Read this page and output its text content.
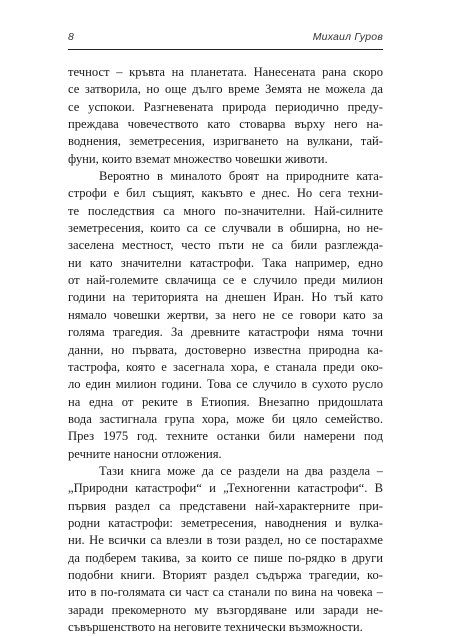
8	Михаил Гуров
течност – кръвта на планетата. Нанесената рана скоро
се затворила, но още дълго време Земята не можела да
се успокои. Разгневената природа периодично преду-
преждава човечеството като стоварва върху него на-
воднения, земетресения, изригването на вулкани, тай-
фуни, които вземат множество човешки животи.
Вероятно в миналото броят на природните ката-
строфи е бил същият, какъвто е днес. Но сега техни-
те последствия са много по-значителни. Най-силните
земетресения, които са се случвали в обширна, но не-
заселена местност, често пъти не са били разглежда-
ни като значителни катастрофи. Така например, едно
от най-големите свлачища се е случило преди милион
години на територията на днешен Иран. Но тъй като
нямало човешки жертви, за него не се говори като за
голяма трагедия. За древните катастрофи няма точни
данни, но първата, достоверно известна природна ка-
тастрофа, която е засегнала хора, е станала преди око-
ло един милион години. Това се случило в сухото русло
на една от реките в Етиопия. Внезапно придошлата
вода застигнала група хора, може би цяло семейство.
През 1975 год. техните останки били намерени под
речните наносни отложения.
Тази книга може да се раздели на два раздела –
„Природни катастрофи“ и „Техногенни катастрофи“. В
първия раздел са представени най-характерните при-
родни катастрофи: земетресения, наводнения и вулка-
ни. Не всички са влезли в този раздел, но се постарахме
да подберем такива, за които се пише по-рядко в други
подобни книги. Вторият раздел съдържа трагедии, ко-
ито в по-голямата си част са станали по вина на човека –
заради прекомерното му възгордяване или заради не-
съвършенството на неговите технически възможности.
